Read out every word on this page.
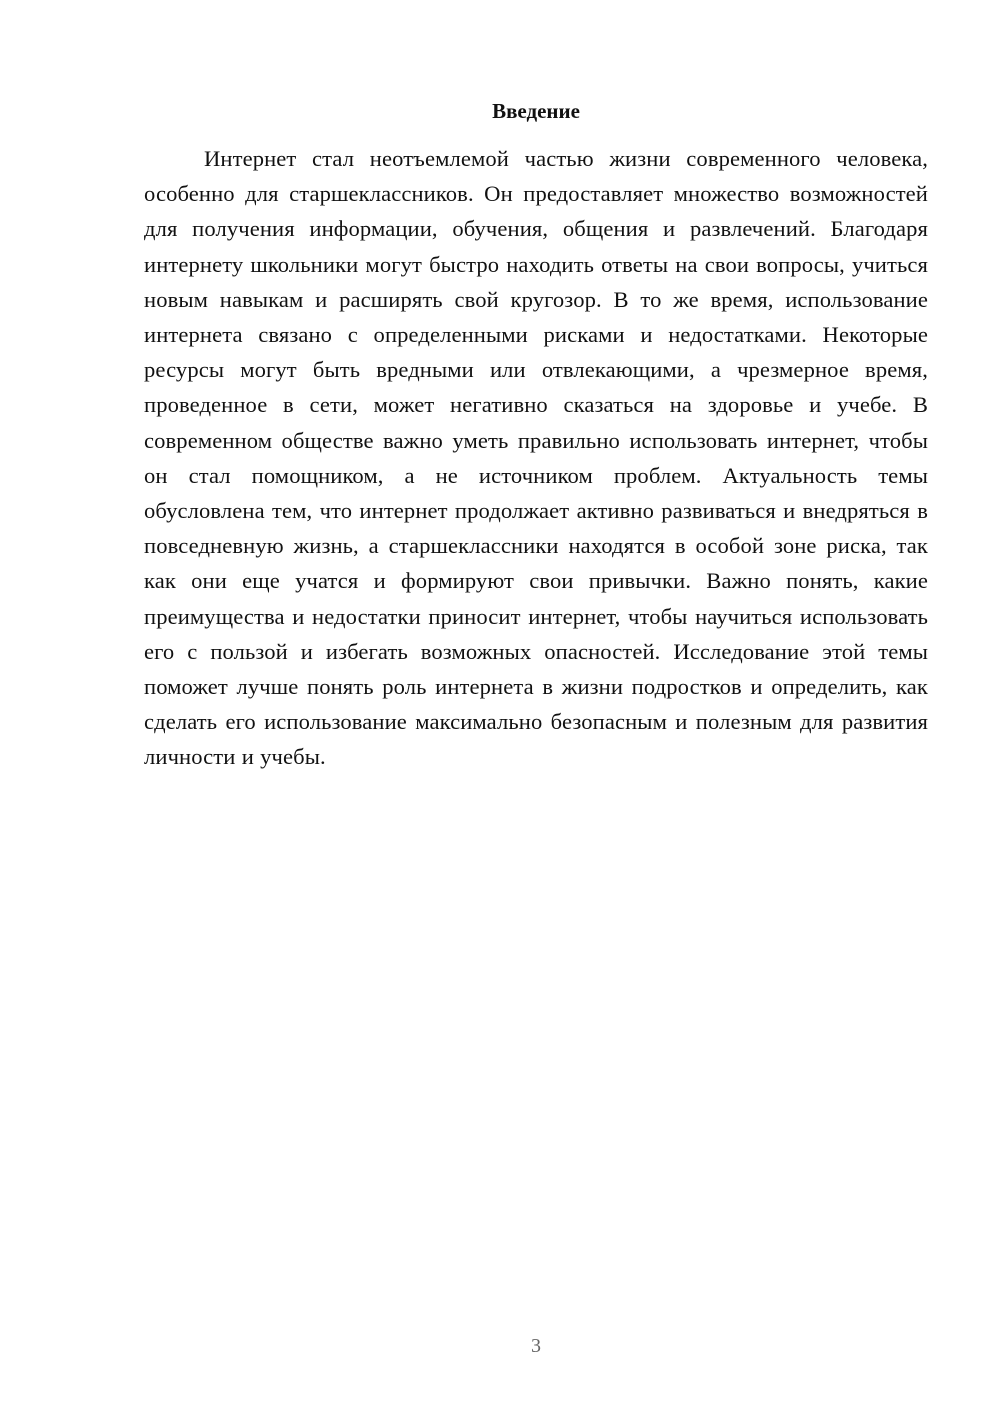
Введение

Интернет стал неотъемлемой частью жизни современного человека, особенно для старшеклассников. Он предоставляет множество возможностей для получения информации, обучения, общения и развлечений. Благодаря интернету школьники могут быстро находить ответы на свои вопросы, учиться новым навыкам и расширять свой кругозор. В то же время, использование интернета связано с определенными рисками и недостатками. Некоторые ресурсы могут быть вредными или отвлекающими, а чрезмерное время, проведенное в сети, может негативно сказаться на здоровье и учебе. В современном обществе важно уметь правильно использовать интернет, чтобы он стал помощником, а не источником проблем. Актуальность темы обусловлена тем, что интернет продолжает активно развиваться и внедряться в повседневную жизнь, а старшеклассники находятся в особой зоне риска, так как они еще учатся и формируют свои привычки. Важно понять, какие преимущества и недостатки приносит интернет, чтобы научиться использовать его с пользой и избегать возможных опасностей. Исследование этой темы поможет лучше понять роль интернета в жизни подростков и определить, как сделать его использование максимально безопасным и полезным для развития личности и учебы.

3
